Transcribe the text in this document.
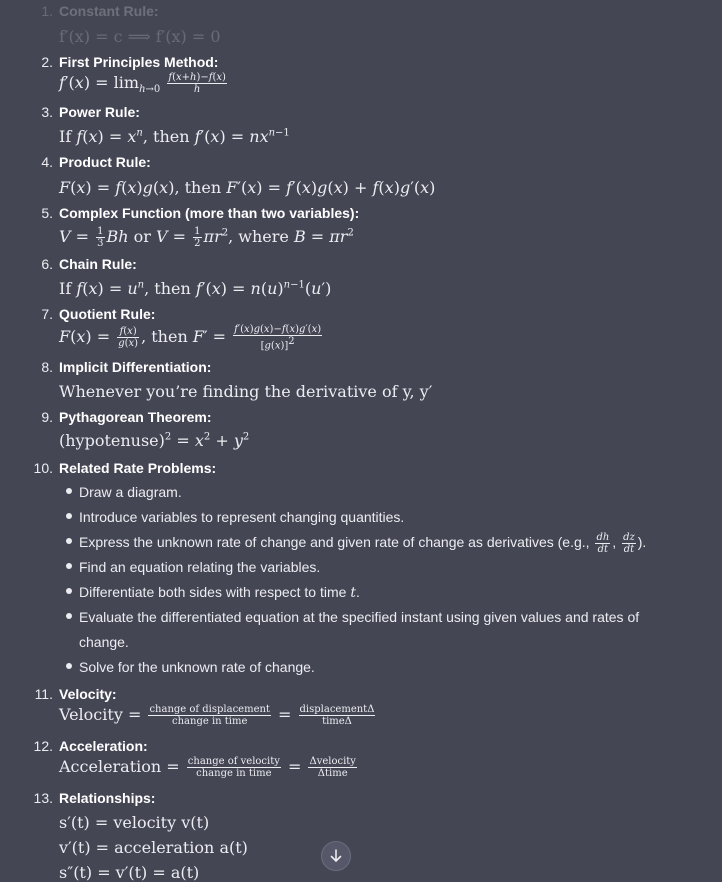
1. Constant Rule:
f′(x) = c ⟹ f′(x) = 0
2. First Principles Method:
$f'(x) = \lim_{h\to 0} \frac{f(x+h)-f(x)}{h}$
3. Power Rule:
If $f(x) = x^n$, then $f'(x) = nx^{n-1}$
4. Product Rule:
F(x) = f(x)g(x), then F′(x) = f′(x)g(x) + f(x)g′(x)
5. Complex Function (more than two variables):
$V = \frac{1}{3}$ Bh or $V = \frac{1}{2} \pi r^2$, where $B = \pi r^2$
6. Chain Rule:
If $f(x) = u^n$, then $f'(x) = n(u)^{n-1}(u')$
7. Quotient Rule:
$F(x) = \frac{f(x)}{g(x)}$ , then $F' = \frac{f'(x)g(x)-f(x)g'(x)}{[g(x)]^2}$
8. Implicit Differentiation:
Whenever you’re finding the derivative of y, y′
9. Pythagorean Theorem:
(hypotenuse)$^2$ = $x^2 + y^2$
10. Related Rate Problems:
Draw a diagram.
Introduce variables to represent changing quantities.
Express the unknown rate of change and given rate of change as derivatives (e.g., $\frac{dh}{dt}$ , $\frac{dz}{dt}$ ).
Find an equation relating the variables.
Differentiate both sides with respect to time t.
Evaluate the differentiated equation at the specified instant using given values and rates of change.
Solve for the unknown rate of change.
11. Velocity:
Velocity = $\frac{\text{change of displacement}}{\text{change in time}} = \frac{\text{displacementΔ}}{\text{timeΔ}}$
12. Acceleration:
Acceleration = $\frac{\text{change of velocity}}{\text{change in time}} = \frac{\text{Δvelocity}}{\text{Δtime}}$
13. Relationships:
s′(t) = velocity v(t)
v′(t) = acceleration a(t)
s″(t) = v′(t) = a(t)
